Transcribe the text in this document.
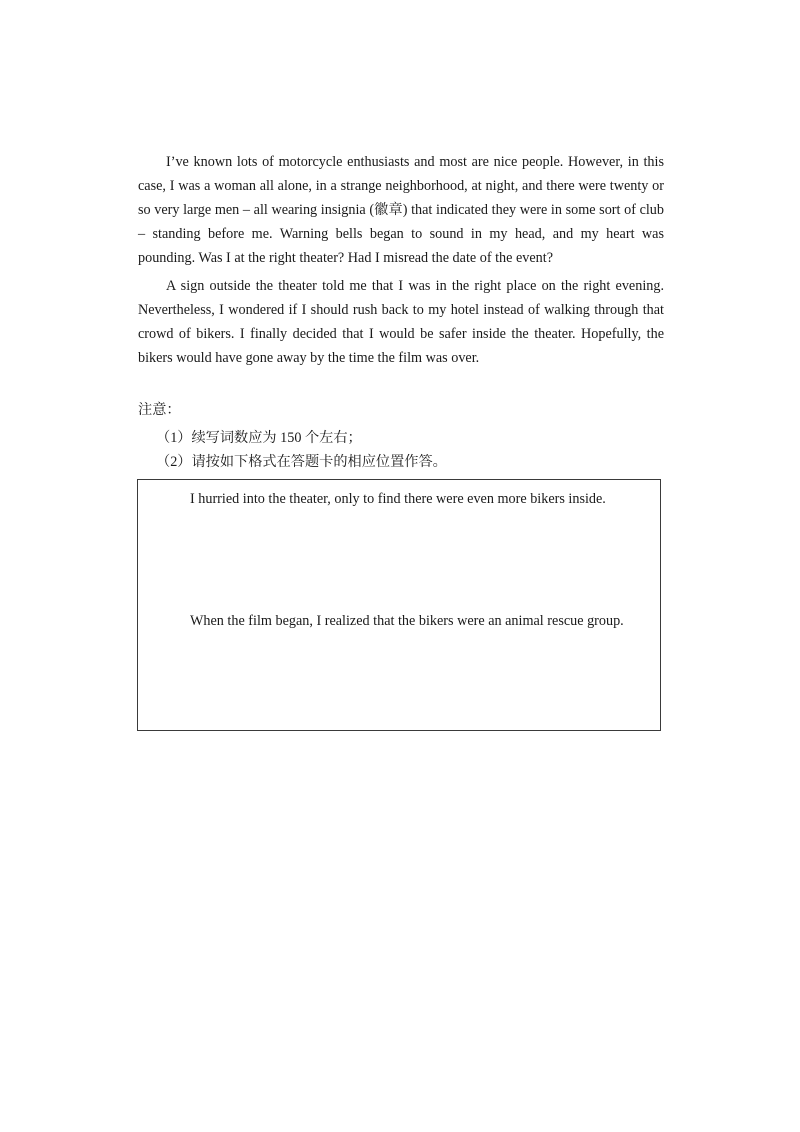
I’ve known lots of motorcycle enthusiasts and most are nice people. However, in this case, I was a woman all alone, in a strange neighborhood, at night, and there were twenty or so very large men – all wearing insignia (徽章) that indicated they were in some sort of club – standing before me. Warning bells began to sound in my head, and my heart was pounding. Was I at the right theater? Had I misread the date of the event?

A sign outside the theater told me that I was in the right place on the right evening. Nevertheless, I wondered if I should rush back to my hotel instead of walking through that crowd of bikers. I finally decided that I would be safer inside the theater. Hopefully, the bikers would have gone away by the time the film was over.

注意：
（1）续写词数应为 150 个左右；
（2）请按如下格式在答题卡的相应位置作答。
I hurried into the theater, only to find there were even more bikers inside.
When the film began, I realized that the bikers were an animal rescue group.
